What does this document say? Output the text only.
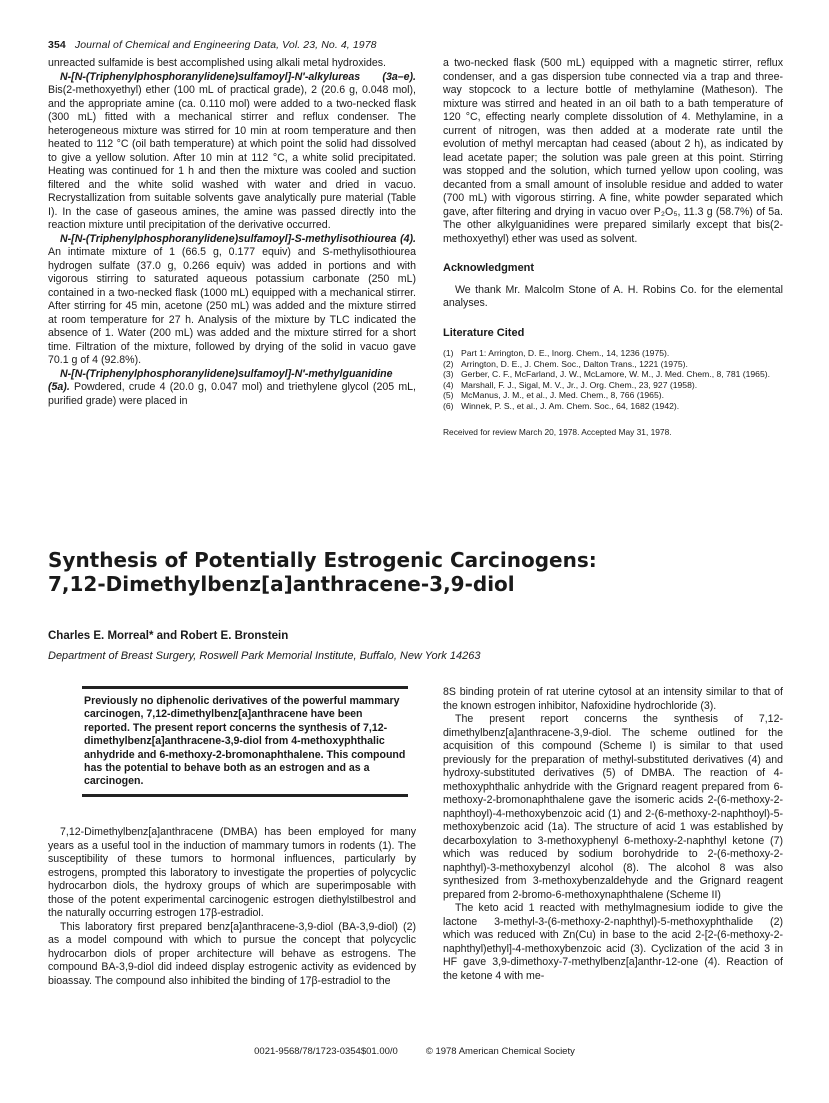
354 Journal of Chemical and Engineering Data, Vol. 23, No. 4, 1978

unreacted sulfamide is best accomplished using alkali metal hydroxides.

N-[N-(Triphenylphosphoranylidene)sulfamoyl]-N′-alkylureas (3a–e). Bis(2-methoxyethyl) ether (100 mL of practical grade), 2 (20.6 g, 0.048 mol), and the appropriate amine (ca. 0.110 mol) were added to a two-necked flask (300 mL) fitted with a mechanical stirrer and reflux condenser. The heterogeneous mixture was stirred for 10 min at room temperature and then heated to 112 °C (oil bath temperature) at which point the solid had dissolved to give a yellow solution. After 10 min at 112 °C, a white solid precipitated. Heating was continued for 1 h and then the mixture was cooled and suction filtered and the white solid washed with water and dried in vacuo. Recrystallization from suitable solvents gave analytically pure material (Table I). In the case of gaseous amines, the amine was passed directly into the reaction mixture until precipitation of the derivative occurred.

N-[N-(Triphenylphosphoranylidene)sulfamoyl]-S-methylisothiourea (4). An intimate mixture of 1 (66.5 g, 0.177 equiv) and S-methylisothiourea hydrogen sulfate (37.0 g, 0.266 equiv) was added in portions and with vigorous stirring to saturated aqueous potassium carbonate (250 mL) contained in a two-necked flask (1000 mL) equipped with a mechanical stirrer. After stirring for 45 min, acetone (250 mL) was added and the mixture stirred at room temperature for 27 h. Analysis of the mixture by TLC indicated the absence of 1. Water (200 mL) was added and the mixture stirred for a short time. Filtration of the mixture, followed by drying of the solid in vacuo gave 70.1 g of 4 (92.8%).

N-[N-(Triphenylphosphoranylidene)sulfamoyl]-N′-methylguanidine (5a). Powdered, crude 4 (20.0 g, 0.047 mol) and triethylene glycol (205 mL, purified grade) were placed in

a two-necked flask (500 mL) equipped with a magnetic stirrer, reflux condenser, and a gas dispersion tube connected via a trap and three-way stopcock to a lecture bottle of methylamine (Matheson). The mixture was stirred and heated in an oil bath to a bath temperature of 120 °C, effecting nearly complete dissolution of 4. Methylamine, in a current of nitrogen, was then added at a moderate rate until the evolution of methyl mercaptan had ceased (about 2 h), as indicated by lead acetate paper; the solution was pale green at this point. Stirring was stopped and the solution, which turned yellow upon cooling, was decanted from a small amount of insoluble residue and added to water (700 mL) with vigorous stirring. A fine, white powder separated which gave, after filtering and drying in vacuo over P₂O₅, 11.3 g (58.7%) of 5a. The other alkylguanidines were prepared similarly except that bis(2-methoxyethyl) ether was used as solvent.

Acknowledgment

We thank Mr. Malcolm Stone of A. H. Robins Co. for the elemental analyses.

Literature Cited

(1) Part 1: Arrington, D. E., Inorg. Chem., 14, 1236 (1975).
(2) Arrington, D. E., J. Chem. Soc., Dalton Trans., 1221 (1975).
(3) Gerber, C. F., McFarland, J. W., McLamore, W. M., J. Med. Chem., 8, 781 (1965).
(4) Marshall, F. J., Sigal, M. V., Jr., J. Org. Chem., 23, 927 (1958).
(5) McManus, J. M., et al., J. Med. Chem., 8, 766 (1965).
(6) Winnek, P. S., et al., J. Am. Chem. Soc., 64, 1682 (1942).

Received for review March 20, 1978. Accepted May 31, 1978.

Synthesis of Potentially Estrogenic Carcinogens:
7,12-Dimethylbenz[a]anthracene-3,9-diol
Charles E. Morreal* and Robert E. Bronstein
Department of Breast Surgery, Roswell Park Memorial Institute, Buffalo, New York 14263
Previously no diphenolic derivatives of the powerful mammary carcinogen, 7,12-dimethylbenz[a]anthracene have been reported. The present report concerns the synthesis of 7,12-dimethylbenz[a]anthracene-3,9-diol from 4-methoxyphthalic anhydride and 6-methoxy-2-bromonaphthalene. This compound has the potential to behave both as an estrogen and as a carcinogen.

7,12-Dimethylbenz[a]anthracene (DMBA) has been employed for many years as a useful tool in the induction of mammary tumors in rodents (1). The susceptibility of these tumors to hormonal influences, particularly by estrogens, prompted this laboratory to investigate the properties of polycyclic hydrocarbon diols, the hydroxy groups of which are superimposable with those of the potent experimental carcinogenic estrogen diethylstilbestrol and the naturally occurring estrogen 17β-estradiol.

This laboratory first prepared benz[a]anthracene-3,9-diol (BA-3,9-diol) (2) as a model compound with which to pursue the concept that polycyclic hydrocarbon diols of proper architecture will behave as estrogens. The compound BA-3,9-diol did indeed display estrogenic activity as evidenced by bioassay. The compound also inhibited the binding of 17β-estradiol to the

8S binding protein of rat uterine cytosol at an intensity similar to that of the known estrogen inhibitor, Nafoxidine hydrochloride (3).

The present report concerns the synthesis of 7,12-dimethylbenz[a]anthracene-3,9-diol. The scheme outlined for the acquisition of this compound (Scheme I) is similar to that used previously for the preparation of methyl-substituted derivatives (4) and hydroxy-substituted derivatives (5) of DMBA. The reaction of 4-methoxyphthalic anhydride with the Grignard reagent prepared from 6-methoxy-2-bromonaphthalene gave the isomeric acids 2-(6-methoxy-2-naphthoyl)-4-methoxybenzoic acid (1) and 2-(6-methoxy-2-naphthoyl)-5-methoxybenzoic acid (1a). The structure of acid 1 was established by decarboxylation to 3-methoxyphenyl 6-methoxy-2-naphthyl ketone (7) which was reduced by sodium borohydride to 2-(6-methoxy-2-naphthyl)-3-methoxybenzyl alcohol (8). The alcohol 8 was also synthesized from 3-methoxybenzaldehyde and the Grignard reagent prepared from 2-bromo-6-methoxynaphthalene (Scheme II)

The keto acid 1 reacted with methylmagnesium iodide to give the lactone 3-methyl-3-(6-methoxy-2-naphthyl)-5-methoxyphthalide (2) which was reduced with Zn(Cu) in base to the acid 2-[2-(6-methoxy-2-naphthyl)ethyl]-4-methoxybenzoic acid (3). Cyclization of the acid 3 in HF gave 3,9-dimethoxy-7-methylbenz[a]anthr-12-one (4). Reaction of the ketone 4 with me-

0021-9568/78/1723-0354$01.00/0	© 1978 American Chemical Society
